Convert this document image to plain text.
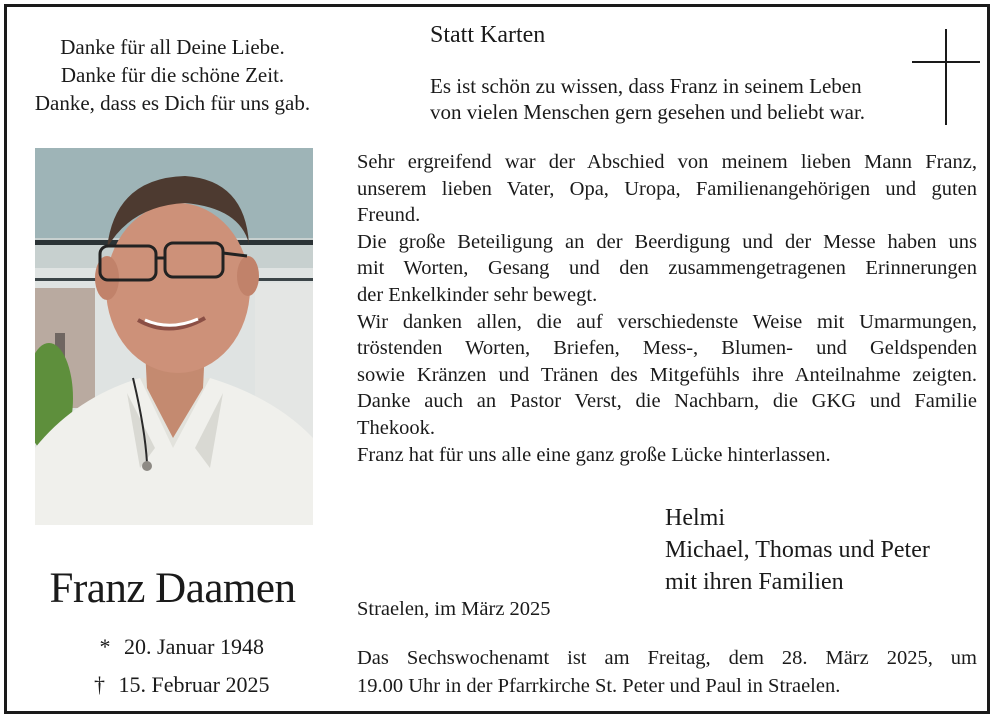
Danke für all Deine Liebe.
Danke für die schöne Zeit.
Danke, dass es Dich für uns gab.
Franz Daamen
* 20. Januar 1948
† 15. Februar 2025
Statt Karten
Es ist schön zu wissen, dass Franz in seinem Leben
von vielen Menschen gern gesehen und beliebt war.
Sehr ergreifend war der Abschied von meinem lieben Mann Franz,
unserem lieben Vater, Opa, Uropa, Familienangehörigen und guten
Freund.
Die große Beteiligung an der Beerdigung und der Messe haben uns
mit Worten, Gesang und den zusammengetragenen Erinnerungen
der Enkelkinder sehr bewegt.
Wir danken allen, die auf verschiedenste Weise mit Umarmungen,
tröstenden Worten, Briefen, Mess-, Blumen- und Geldspenden
sowie Kränzen und Tränen des Mitgefühls ihre Anteilnahme zeigten.
Danke auch an Pastor Verst, die Nachbarn, die GKG und Familie
Thekook.
Franz hat für uns alle eine ganz große Lücke hinterlassen.
Helmi
Michael, Thomas und Peter
mit ihren Familien
Straelen, im März 2025
Das Sechswochenamt ist am Freitag, dem 28. März 2025, um
19.00 Uhr in der Pfarrkirche St. Peter und Paul in Straelen.
